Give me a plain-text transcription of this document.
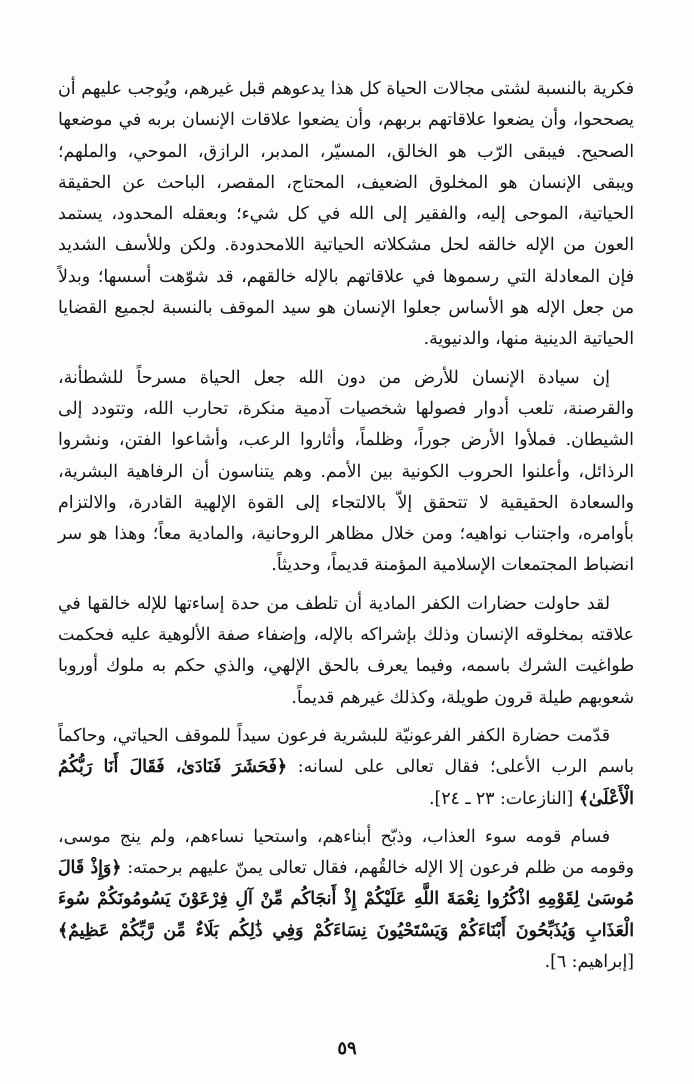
فكرية بالنسبة لشتى مجالات الحياة كل هذا يدعوهم قبل غيرهم، ويُوجب عليهم أن يصححوا، وأن يضعوا علاقاتهم بربهم، وأن يضعوا علاقات الإنسان بربه في موضعها الصحيح. فيبقى الرّب هو الخالق، المسيّر، المدبر، الرازق، الموحي، والملهم؛ ويبقى الإنسان هو المخلوق الضعيف، المحتاج، المقصر، الباحث عن الحقيقة الحياتية، الموحى إليه، والفقير إلى الله في كل شيء؛ وبعقله المحدود، يستمد العون من الإله خالقه لحل مشكلاته الحياتية اللامحدودة. ولكن وللأسف الشديد فإن المعادلة التي رسموها في علاقاتهم بالإله خالقهم، قد شوّهت أسسها؛ وبدلاً من جعل الإله هو الأساس جعلوا الإنسان هو سيد الموقف بالنسبة لجميع القضايا الحياتية الدينية منها، والدنيوية.

إن سيادة الإنسان للأرض من دون الله جعل الحياة مسرحاً للشطأنة، والقرصنة، تلعب أدوار فصولها شخصيات آدمية منكرة، تحارب الله، وتتودد إلى الشيطان. فملأوا الأرض جوراً، وظلماً، وأثاروا الرعب، وأشاعوا الفتن، ونشروا الرذائل، وأعلنوا الحروب الكونية بين الأمم. وهم يتناسون أن الرفاهية البشرية، والسعادة الحقيقية لا تتحقق إلاّ بالالتجاء إلى القوة الإلهية القادرة، والالتزام بأوامره، واجتناب نواهيه؛ ومن خلال مظاهر الروحانية، والمادية معاً؛ وهذا هو سر انضباط المجتمعات الإسلامية المؤمنة قديماً، وحديثاً.

لقد حاولت حضارات الكفر المادية أن تلطف من حدة إساءتها للإله خالقها في علاقته بمخلوقه الإنسان وذلك بإشراكه بالإله، وإضفاء صفة الألوهية عليه فحكمت طواغيت الشرك باسمه، وفيما يعرف بالحق الإلهي، والذي حكم به ملوك أوروبا شعوبهم طيلة قرون طويلة، وكذلك غيرهم قديماً.

قدّمت حضارة الكفر الفرعونيّة للبشرية فرعون سيداً للموقف الحياتي، وحاكماً باسم الرب الأعلى؛ فقال تعالى على لسانه: ﴿فَحَشَرَ فَنَادَىٰ، فَقَالَ أَنَا رَبُّكُمُ الْأَعْلَىٰ﴾ [النازعات: ٢٣ ـ ٢٤].

فسام قومه سوء العذاب، وذبّح أبناءهم، واستحيا نساءهم، ولم ينج موسى، وقومه من ظلم فرعون إلا الإله خالقُهم، فقال تعالى يمنّ عليهم برحمته: ﴿وَإِذْ قَالَ مُوسَىٰ لِقَوْمِهِ اذْكُرُوا نِعْمَةَ اللَّهِ عَلَيْكُمْ إِذْ أَنجَاكُم مِّنْ آلِ فِرْعَوْنَ يَسُومُونَكُمْ سُوءَ الْعَذَابِ وَيُذَبِّحُونَ أَبْنَاءَكُمْ وَيَسْتَحْيُونَ نِسَاءَكُمْ وَفِي ذَٰلِكُم بَلَاءٌ مِّن رَّبِّكُمْ عَظِيمٌ﴾ [إبراهيم: ٦].

٥٩
